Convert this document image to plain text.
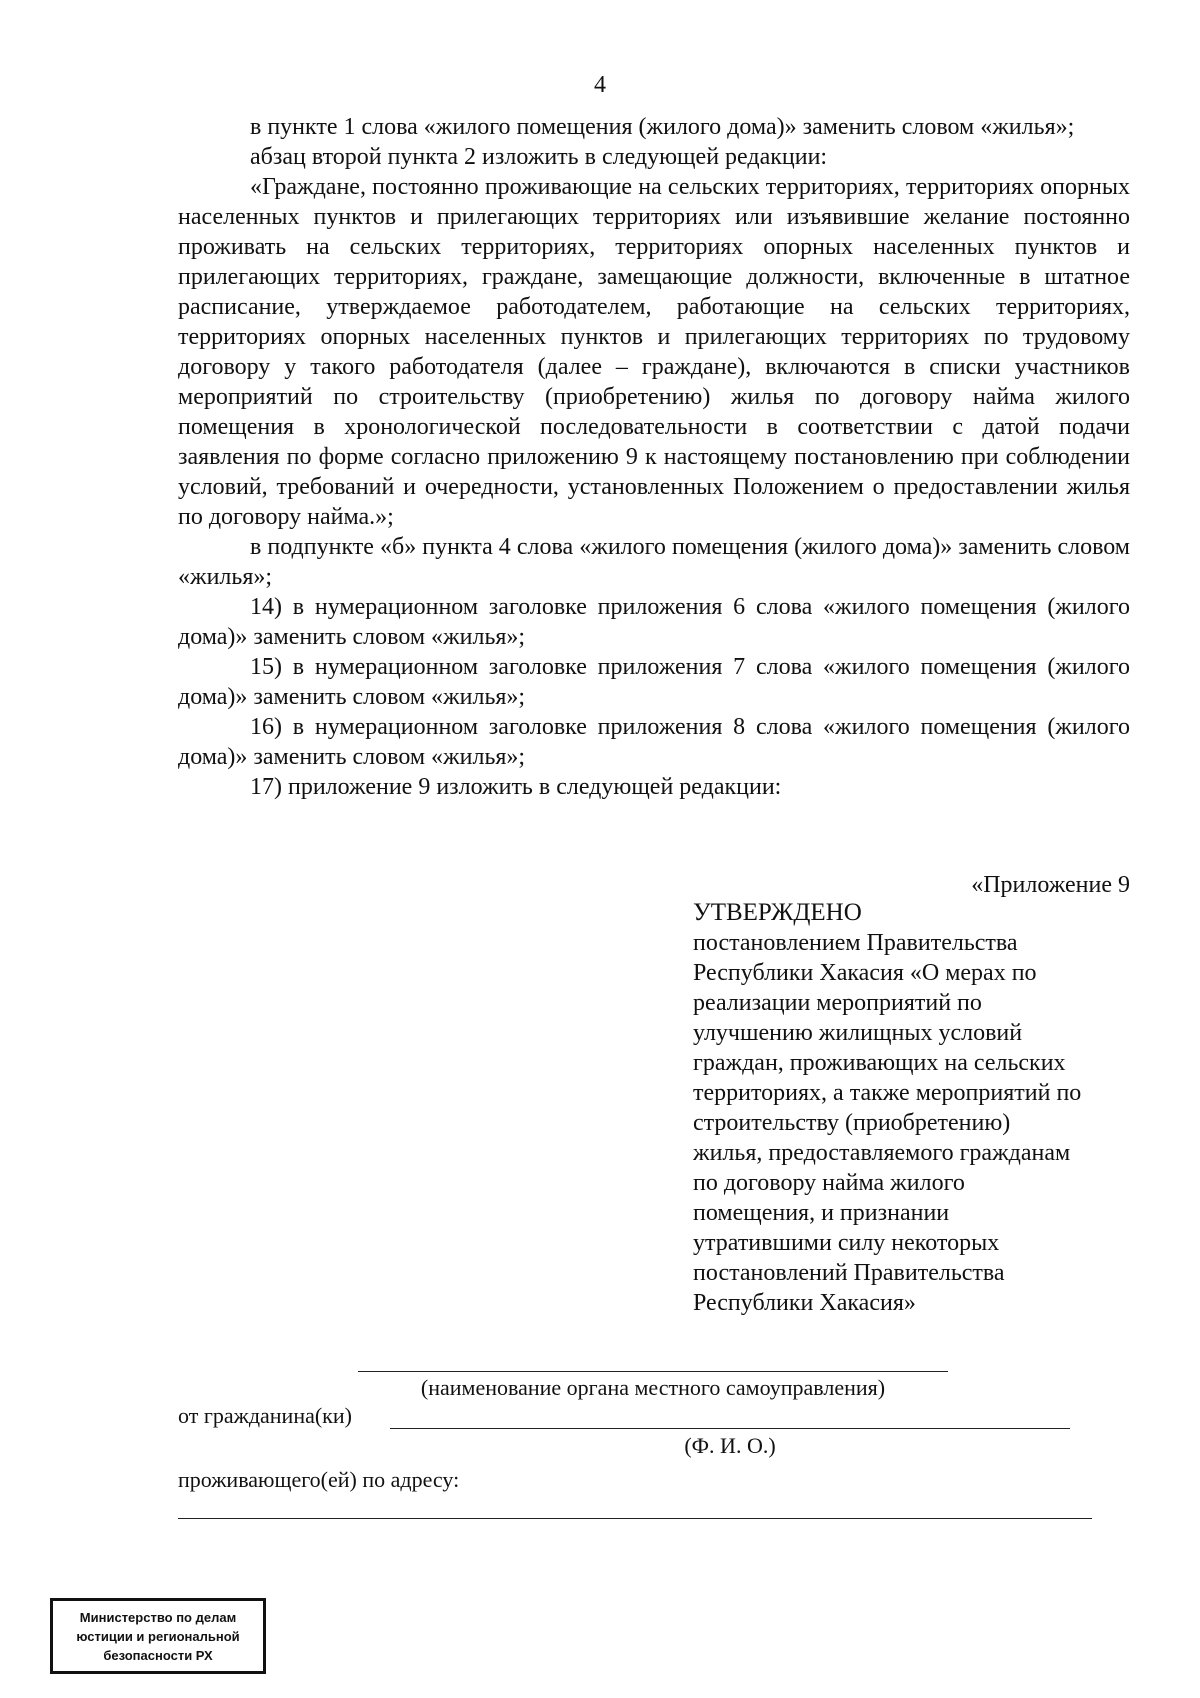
4

в пункте 1 слова «жилого помещения (жилого дома)» заменить словом «жилья»;

абзац второй пункта 2 изложить в следующей редакции:

«Граждане, постоянно проживающие на сельских территориях, территориях опорных населенных пунктов и прилегающих территориях или изъявившие желание постоянно проживать на сельских территориях, территориях опорных населенных пунктов и прилегающих территориях, граждане, замещающие должности, включенные в штатное расписание, утверждаемое работодателем, работающие на сельских территориях, территориях опорных населенных пунктов и прилегающих территориях по трудовому договору у такого работодателя (далее – граждане), включаются в списки участников мероприятий по строительству (приобретению) жилья по договору найма жилого помещения в хронологической последовательности в соответствии с датой подачи заявления по форме согласно приложению 9 к настоящему постановлению при соблюдении условий, требований и очередности, установленных Положением о предоставлении жилья по договору найма.»;

в подпункте «б» пункта 4 слова «жилого помещения (жилого дома)» заменить словом «жилья»;

14) в нумерационном заголовке приложения 6 слова «жилого помещения (жилого дома)» заменить словом «жилья»;

15) в нумерационном заголовке приложения 7 слова «жилого помещения (жилого дома)» заменить словом «жилья»;

16) в нумерационном заголовке приложения 8 слова «жилого помещения (жилого дома)» заменить словом «жилья»;

17) приложение 9 изложить в следующей редакции:

«Приложение 9
УТВЕРЖДЕНО
постановлением Правительства
Республики Хакасия «О мерах по
реализации мероприятий по
улучшению жилищных условий
граждан, проживающих на сельских
территориях, а также мероприятий по
строительству (приобретению)
жилья, предоставляемого гражданам
по договору найма жилого
помещения, и признании
утратившими силу некоторых
постановлений Правительства
Республики Хакасия»
(наименование органа местного самоуправления)
от гражданина(ки)
(Ф. И. О.)
проживающего(ей) по адресу:
Министерство по делам
юстиции и региональной
безопасности РХ
